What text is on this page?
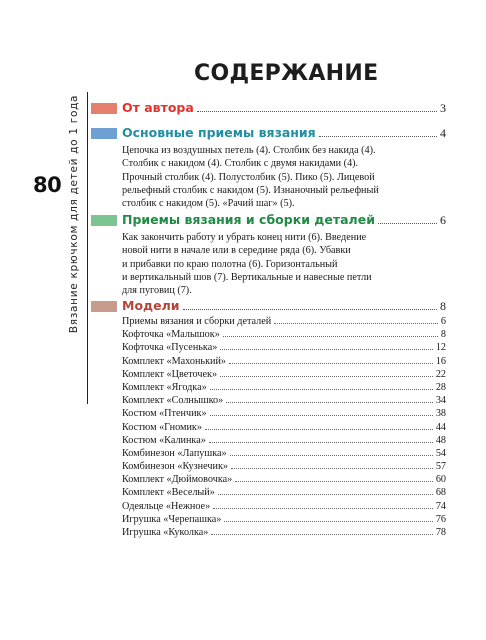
80 Вязание крючком для детей до 1 года
СОДЕРЖАНИЕ
От автора	3
Основные приемы вязания	4
Цепочка из воздушных петель (4). Столбик без накида (4).
Столбик с накидом (4). Столбик с двумя накидами (4).
Прочный столбик (4). Полустолбик (5). Пико (5). Лицевой
рельефный столбик с накидом (5). Изнаночный рельефный
столбик с накидом (5). «Рачий шаг» (5).
Приемы вязания и сборки деталей	6
Как закончить работу и убрать конец нити (6). Введение
новой нити в начале или в середине ряда (6). Убавки
и прибавки по краю полотна (6). Горизонтальный
и вертикальный шов (7). Вертикальные и навесные петли
для пуговиц (7).
Модели	8
Приемы вязания и сборки деталей	6
Кофточка «Малышок»	8
Кофточка «Пусенька»	12
Комплект «Махонький»	16
Комплект «Цветочек»	22
Комплект «Ягодка»	28
Комплект «Солнышко»	34
Костюм «Птенчик»	38
Костюм «Гномик»	44
Костюм «Калинка»	48
Комбинезон «Лапушка»	54
Комбинезон «Кузнечик»	57
Комплект «Дюймовочка»	60
Комплект «Веселый»	68
Одеяльце «Нежное»	74
Игрушка «Черепашка»	76
Игрушка «Куколка»	78
